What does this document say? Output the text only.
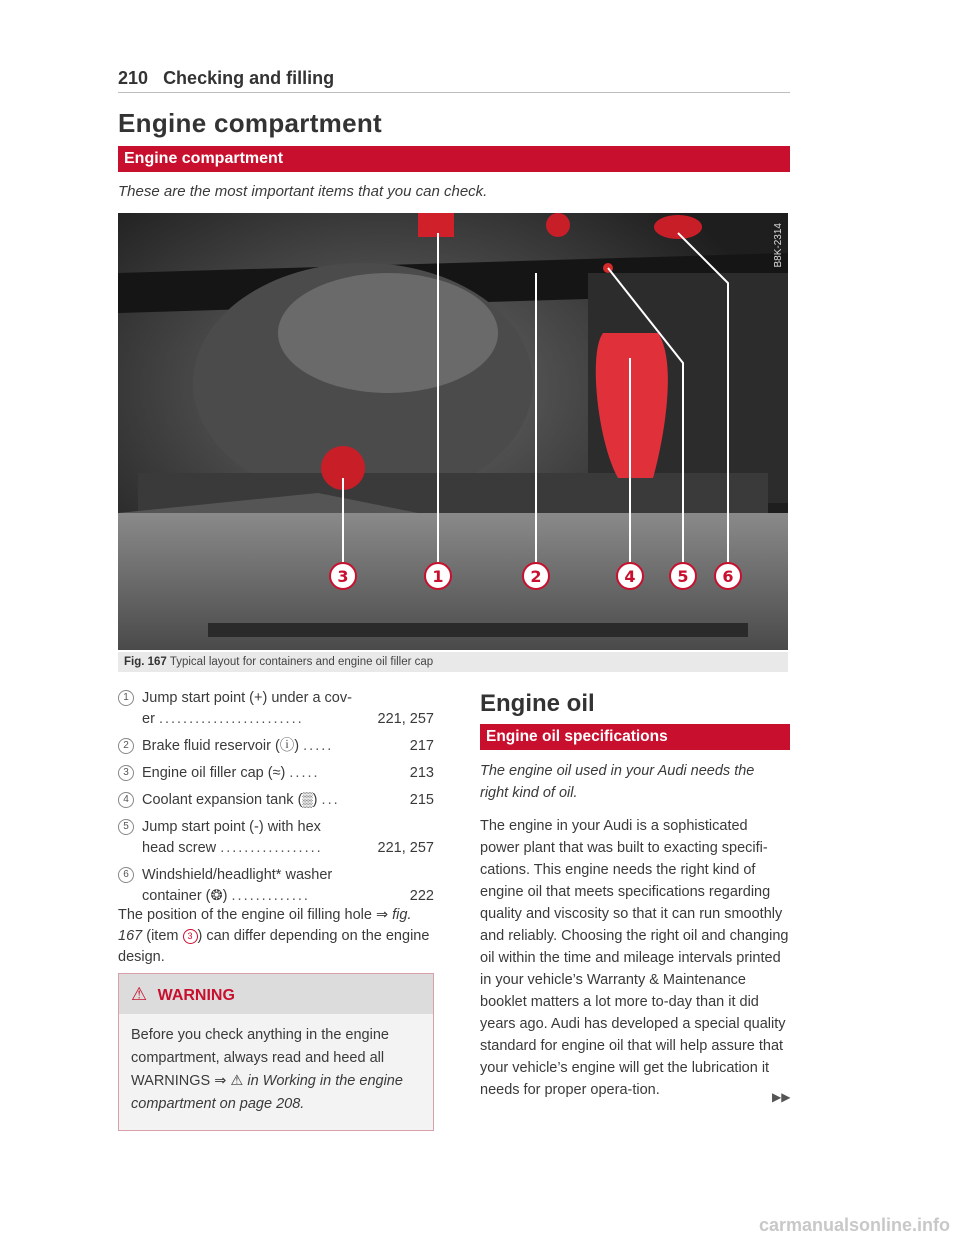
210 Checking and filling
Engine compartment
Engine compartment
These are the most important items that you can check.
3	1	2	4	5 6
B8K-2314
Fig. 167 Typical layout for containers and engine oil filler cap
1 Jump start point (+) under a cov-
er ........................	221, 257
2 Brake fluid reservoir (ⓘ) .....	217
3 Engine oil filler cap (≈) .....	213
4 Coolant expansion tank (▒) ...	215
5 Jump start point (-) with hex
head screw .................	221, 257
6 Windshield/headlight* washer
container (❂) .............	222
The position of the engine oil filling hole ⇒ fig. 167 (item 3 ) can differ depending on the engine design.
⚠ WARNING
Before you check anything in the engine compartment, always read and heed all WARNINGS ⇒ ⚠ in Working in the engine compartment on page 208.
Engine oil
Engine oil specifications
The engine oil used in your Audi needs the right kind of oil.
The engine in your Audi is a sophisticated power plant that was built to exacting specifi-cations. This engine needs the right kind of engine oil that meets specifications regarding quality and viscosity so that it can run smoothly and reliably. Choosing the right oil and changing oil within the time and mileage intervals printed in your vehicle’s Warranty & Maintenance booklet matters a lot more to-day than it did years ago. Audi has developed a special quality standard for engine oil that will help assure that your vehicle’s engine will get the lubrication it needs for proper opera-tion.	▶▶
carmanualsonline.info
